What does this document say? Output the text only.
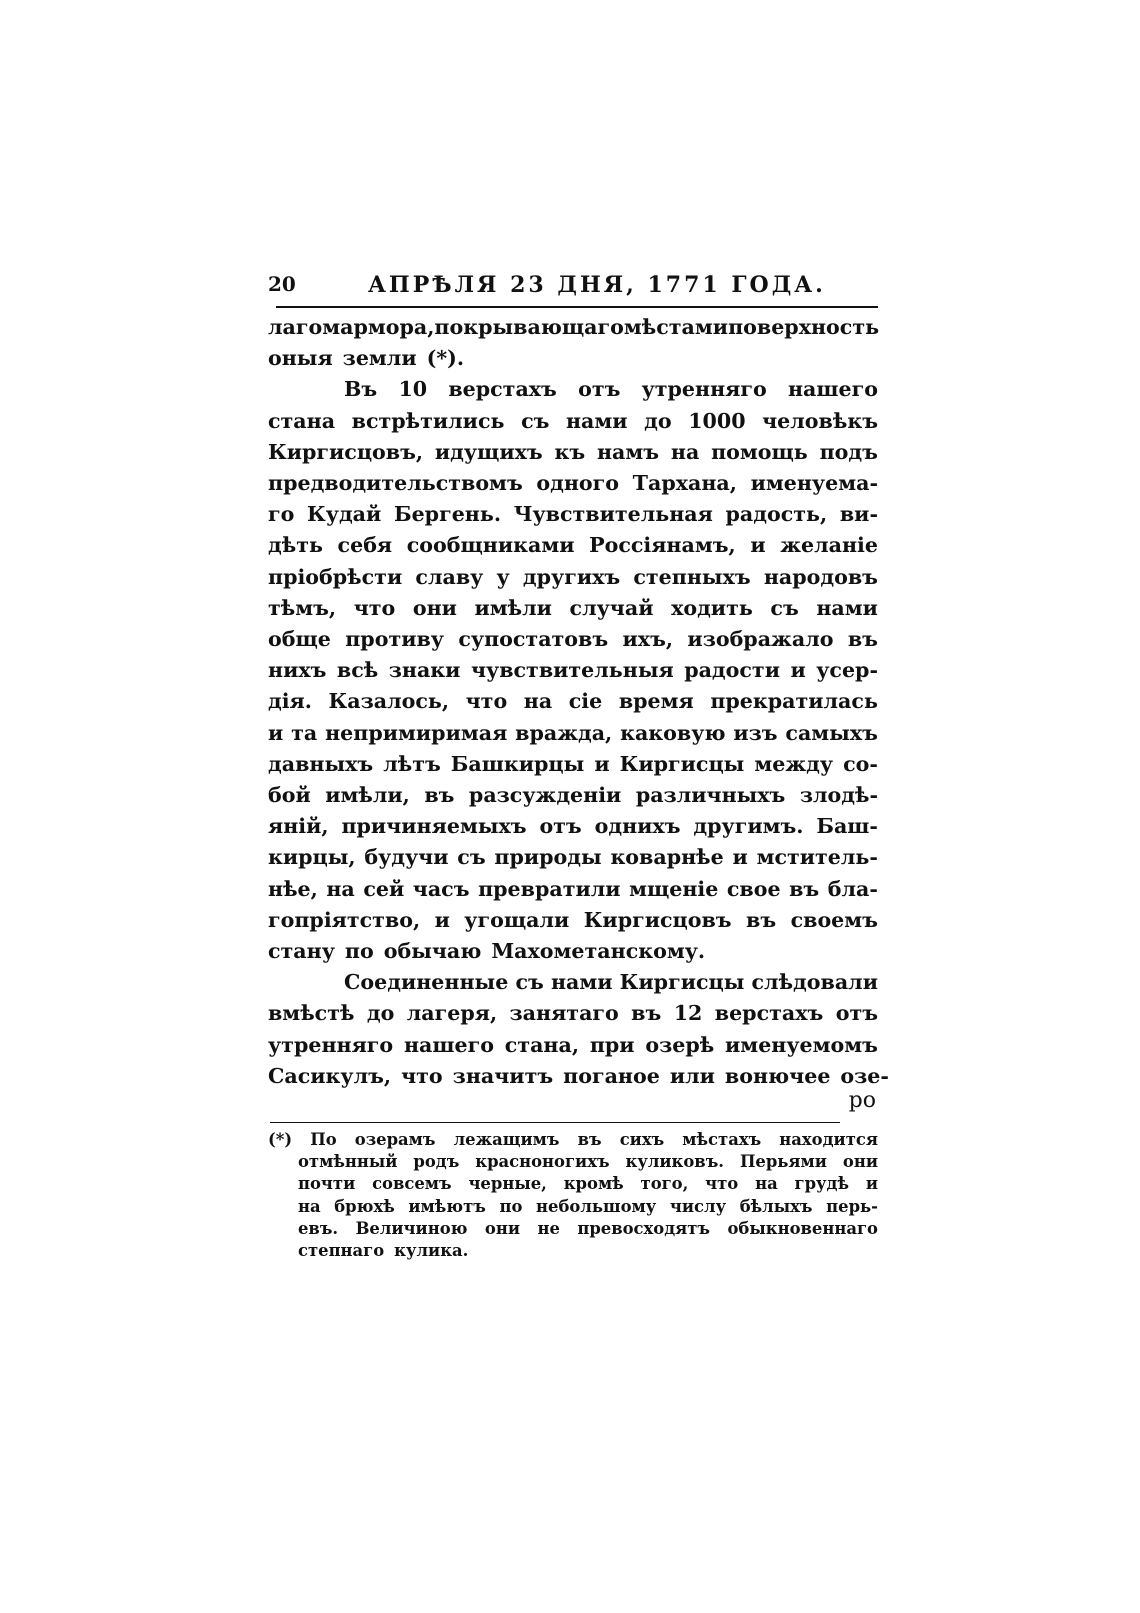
20	АПРѢЛЯ 23 ДНЯ, 1771 ГОДА.
лаго мармора, покрывающаго мѣстами поверхность
оныя земли (*).
Въ 10 верстахъ отъ утренняго нашего
стана встрѣтились съ нами до 1000 человѣкъ
Киргисцовъ, идущихъ къ намъ на помощь подъ
предводительствомъ одного Тархана, именуема-
го Кудай Бергень. Чувствительная радость, ви-
дѣть себя сообщниками Россіянамъ, и желаніе
пріобрѣсти славу у другихъ степныхъ народовъ
тѣмъ, что они имѣли случай ходить съ нами
обще противу супостатовъ ихъ, изображало въ
нихъ всѣ знаки чувствительныя радости и усер-
дія. Казалось, что на сіе время прекратилась
и та непримиримая вражда, каковую изъ самыхъ
давныхъ лѣтъ Башкирцы и Киргисцы между со-
бой имѣли, въ разсужденіи различныхъ злодѣ-
яній, причиняемыхъ отъ однихъ другимъ. Баш-
кирцы, будучи съ природы коварнѣе и мститель-
нѣе, на сей часъ превратили мщеніе свое въ бла-
гопріятство, и угощали Киргисцовъ въ своемъ
стану по обычаю Махометанскому.
Соединенные съ нами Киргисцы слѣдовали
вмѣстѣ до лагеря, занятаго въ 12 верстахъ отъ
утренняго нашего стана, при озерѣ именуемомъ
Сасикулъ, что значитъ поганое или вонючее озе-
ро
(*) По озерамъ лежащимъ въ сихъ мѣстахъ находится
отмѣнный родъ красноногихъ куликовъ. Перьями они
почти совсемъ черные, кромѣ того, что на грудѣ и
на брюхѣ имѣютъ по небольшому числу бѣлыхъ перь-
евъ. Величиною они не превосходятъ обыкновеннаго
степнаго кулика.
